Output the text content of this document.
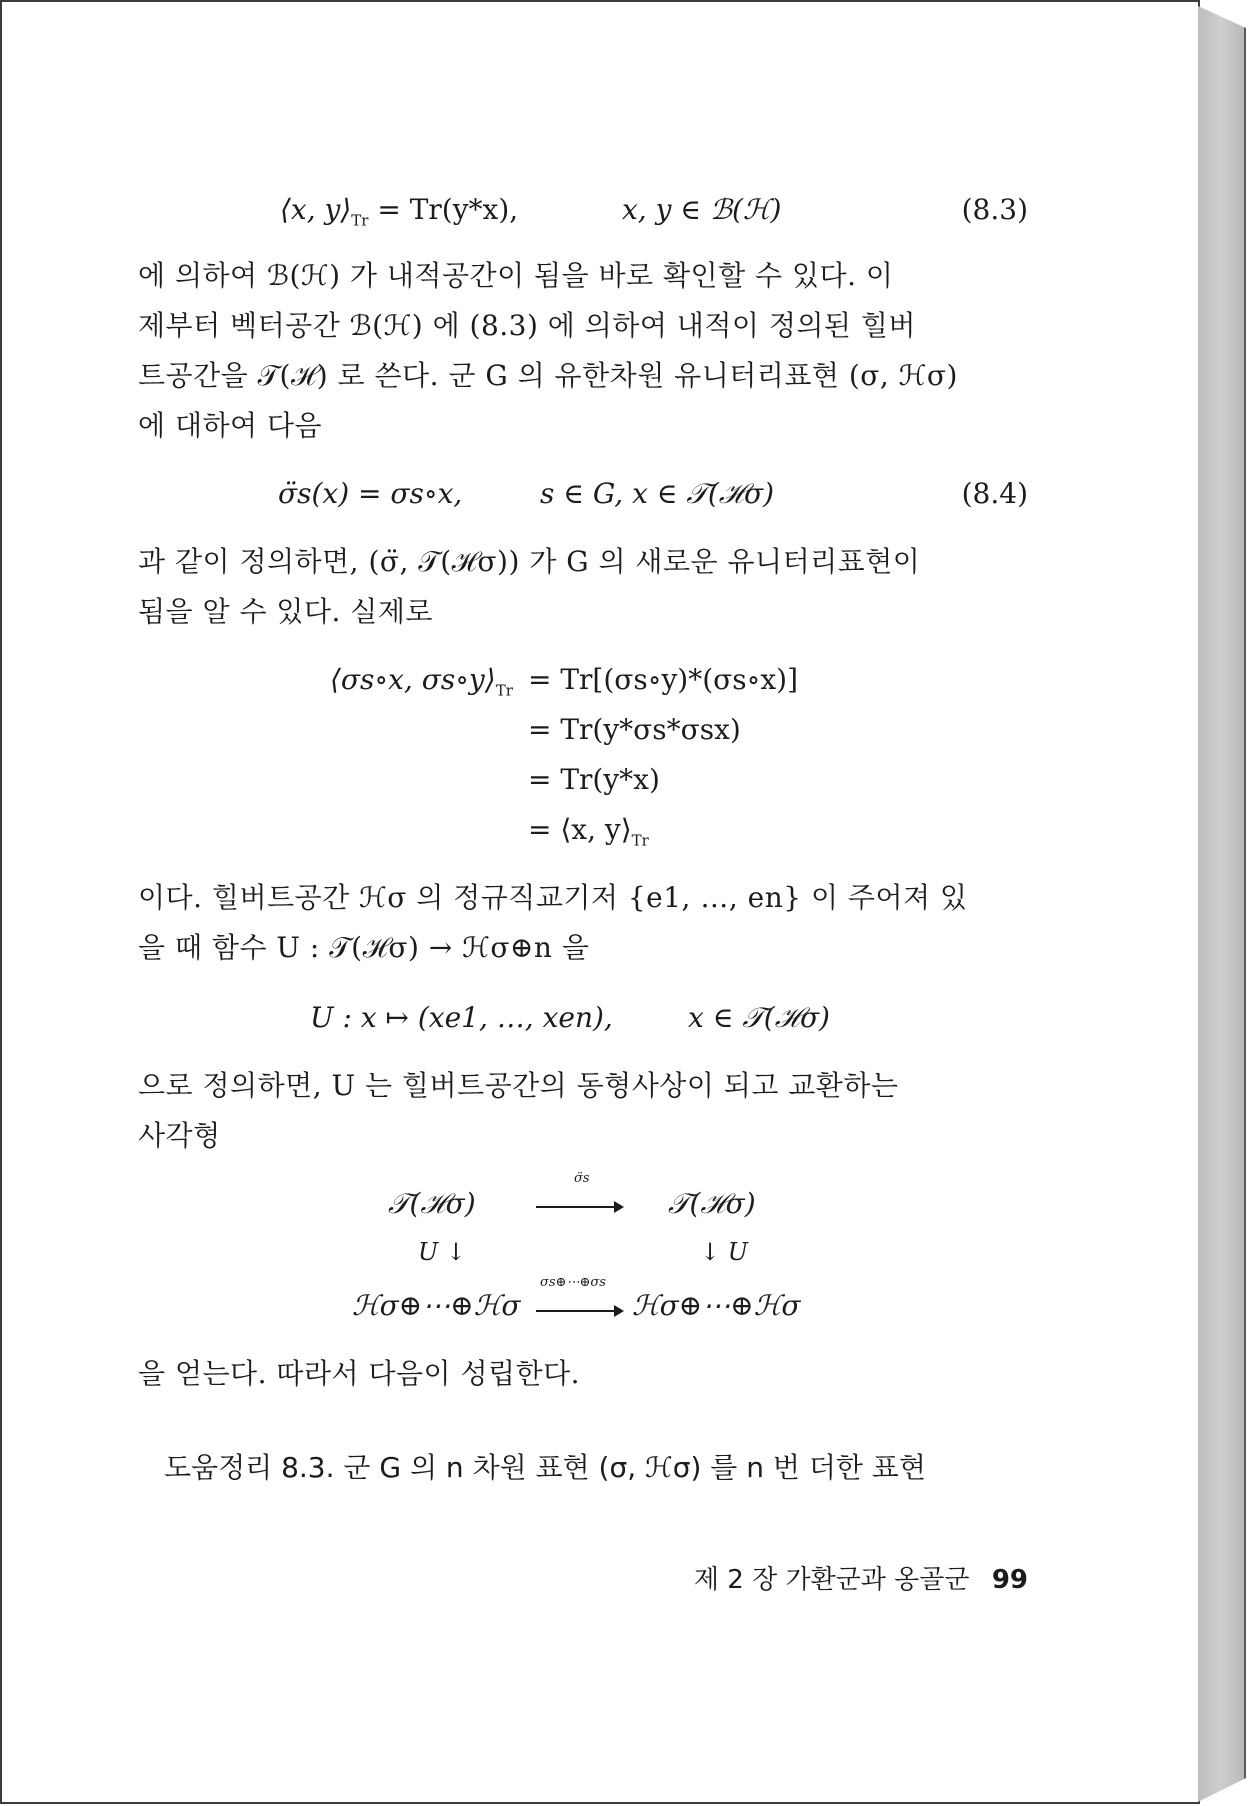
⟨x, $y⟩_{Tr} = Tr(y*x)$,	x, y ∈ ℬ(ℋ)	(8.3)
에 의하여 ℬ(ℋ) 가 내적공간이 됨을 바로 확인할 수 있다. 이
제부터 벡터공간 ℬ(ℋ) 에 (8.3) 에 의하여 내적이 정의된 힐버
트공간을 𝒯(ℋ) 로 쓴다. 군 G 의 유한차원 유니터리표현 (σ, ℋσ)
에 대하여 다음
σ̈s(x) = σs∘x,	s ∈ G, x ∈ 𝒯(ℋσ)	(8.4)
과 같이 정의하면, (σ̈, 𝒯(ℋσ)) 가 G 의 새로운 유니터리표현이
됨을 알 수 있다. 실제로
⟨σs∘x, $\sigma s\circ y⟩_{Tr}$ = Tr[(σs∘y)*(σs∘x)]
= Tr(y*σs*σsx)
= Tr(y*x)
= ⟨x, $y⟩_{Tr}$
이다. 힐버트공간 ℋσ 의 정규직교기저 {e1, …, en} 이 주어져 있
을 때 함수 U : 𝒯(ℋσ) → ℋσ⊕n 을
U : x ↦ (xe1, …, xen),	x ∈ 𝒯(ℋσ)
으로 정의하면, U 는 힐버트공간의 동형사상이 되고 교환하는
사각형
𝒯(ℋσ)
σ̈s
𝒯(ℋσ)
U ↓	↓ U
ℋσ⊕⋯⊕ℋσ
σs⊕⋯⊕σs
ℋσ⊕⋯⊕ℋσ
을 얻는다. 따라서 다음이 성립한다.
도움정리 8.3. 군 G 의 n 차원 표현 (σ, ℋσ) 를 n 번 더한 표현
제 2 장 가환군과 옹골군 99
